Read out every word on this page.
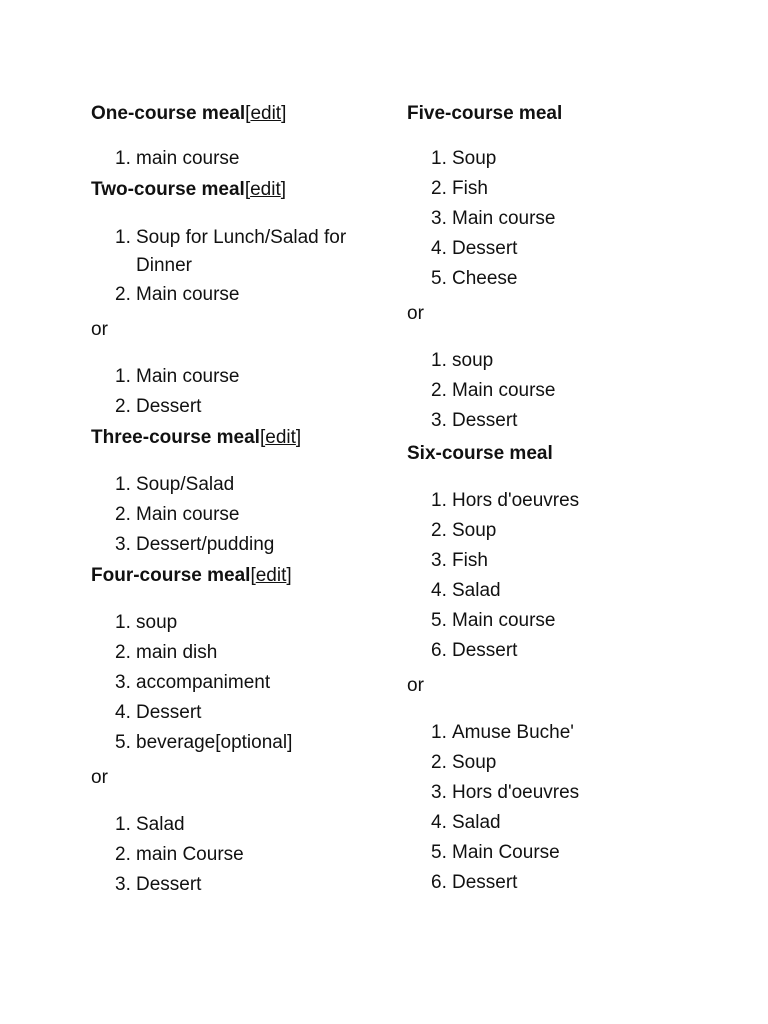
One-course meal[edit]
1. main course
Two-course meal[edit]
1. Soup for Lunch/Salad for Dinner
2. Main course
or
1. Main course
2. Dessert
Three-course meal[edit]
1. Soup/Salad
2. Main course
3. Dessert/pudding
Four-course meal[edit]
1. soup
2. main dish
3. accompaniment
4. Dessert
5. beverage[optional]
or
1. Salad
2. main Course
3. Dessert
Five-course meal
1. Soup
2. Fish
3. Main course
4. Dessert
5. Cheese
or
1. soup
2. Main course
3. Dessert
Six-course meal
1. Hors d'oeuvres
2. Soup
3. Fish
4. Salad
5. Main course
6. Dessert
or
1. Amuse Buche'
2. Soup
3. Hors d'oeuvres
4. Salad
5. Main Course
6. Dessert
